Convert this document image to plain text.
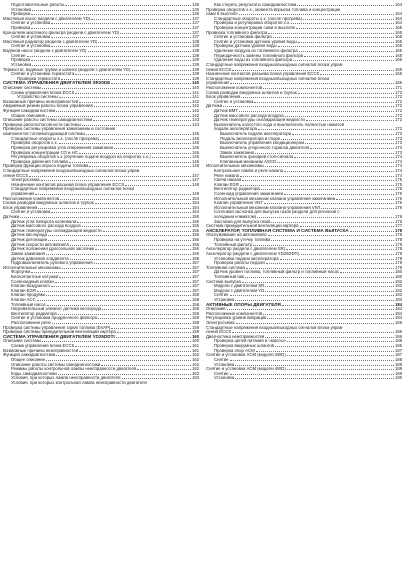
Подготовительные работы	136
Установка	136
Проверка	136
Масляный насос (модели с двигателем YD)	137
Снятие и установка	137
Проверка	137
Кронштейн масляного фильтра (модели с двигателем YD)	137
Снятие и установка	137
Масляный радиатор (модели с двигателем YD)	138
Снятие и установка	138
Водяной насос (модели с двигателем YD)	138
Снятие	138
Проверка	139
Установка	139
Термостат, водяные трубки и шланги (модели с двигателем YD)	139
Снятие и установка термостата	139
Проверка термостата	139
СИСТЕМА УПРАВЛЕНИЯ ДВИГАТЕЛЕМ SR20DE	140
Описание системы	140
Схема управления блока ECCS	141
Устройство системы	141
Возможные причины неисправностей	142
Аварийный режим работы блока управления	142
Функция самодиагностики	142
Общее описание	142
Описание работы системы самодиагностики	143
Проверка работоспособности системы	143
Проверка системы управления зажиганием и состояния
компонентов топливоподающей системы	145
Стандартные обороты х.х. (после прогрева)	145
Проверка оборотов х.х.	145
Проверка регулировка угла опережения зажигания	145
Проверка концентрации СО и НС	146
Регулировка оборотов х.х (обучение подаче воздуха на оборотах х.х.)	146
Проверка давления топлива	146
Проверка функции опроса подачи топлива	146
Стандартные напряжения входных/выходных сигналов блока управ-
ления ECCS	147
Электросхема	147
Назначение контактов разъема блока управления ECCS	148
Стандартные напряжения входных/выходных сигналов блока
управления	149
Расположение компонентов	153
Схема разводки вакуумных шлангов и трубок	154
Блок управления	154
Снятие и установка	154
Датчики	155
Датчик угла поворота коленвала	155
Датчик массового расхода воздуха	155
Датчик температуры охлаждающей жидкости	155
Датчик кислорода	155
Датчик детонации	155
Датчик скорости автомобиля	156
Датчик положения дроссельной заслонки	156
Замок зажигания	156
Датчик давления хладагента	156
Гидровыключатель рулевого управления	157
Исполнительные механизмы	157
Форсунки	157
Бесконтактные катушки	157
Соленоидный клапан	157
Клапан воздушного	157
Клапан EGR	157
Клапан продувки	158
Клапан ACC	158
Топливный насос	158
Нагревательный элемент датчика кислорода	158
Вентилятор радиатора	158
Снятие и установка продувочного фильтра	158
Расположение реле	158
Проверка системы управления тарой топлива (EVAP)	159
Проверка системы принудительной вентиляции картера	159
СИСТЕМА УПРАВЛЕНИЯ ДВИГАТЕЛЕМ YD25DDTI	160
Описание системы	160
Схема управления блока ECCS	161
Возможные причины неисправностей	161
Функция самодиагностики	162
Общее описание	162
Описание работы системы самодиагностики	162
Режимы работы контрольной лампы неисправности двигателя	162
Коды самодиагностики	163
Условия, при которых лампа неисправности двигателя	163
Условия, при которых контрольная лампа неисправности двигателя
Как стереть результаты самодиагностики	164
Проверка оборотов х.х., момента впрыска топлива и концентрации
сажи в выхлопе	164
Стандартные обороты х.х. (после прогрева)	164
Проверка и регулировка оборотов х.х.	164
Проверка концентрации сажи в выхлопе	165
Проверка топливного фильтра	165
Снятие и установка фильтра	165
Снятие и установка датчика уровня воды	165
Проверка датчика уровня воды	165
Удаление воздуха из топливного фильтра	165
Периодичность замены топливного фильтра	165
Удаление воды из топливного фильтра	165
Стандартные напряжения входных/выходных сигналов блока управ-
ления ECCS	165
Назначение контактов разъема блока управления ECCS	166
Стандартные напряжения входных/выходных сигналов блока
управления	166
Расположение компонентов	171
Схема разводки вакуумных шлангов и трубок	172
Блок управления	172
Снятие и установка	172
Датчики	172
Датчик ВМТ	172
Датчик массового расхода воздуха	172
Датчик температуры охлаждающей жидкости	172
Выключатель холостого хода и выключатель полностью нажатой
педали акселератора	172
Выключатель педали акселератора	173
Педаль акселератора и сборе	173
Выключатель управления кондиционером	173
Выключатель упорочного тормоза двигателя	173
Замок зажигания	173
Выключатель фонарей стоп-сигнала	174
Клапанный механизм ASCD	174
Исполнительные механизмы	174
Контрольная лампа и реле накала	174
Реле накала	174
Свечи накала	175
Клапан EGR	175
Вентилятор радиатора	175
Соленоид управления зажиганием	175
Исполнительный механизм клапана управления зажиганием	176
Клапан управления VNT	176
Исполнительный механизм клапана управления VNT	176
Сопловая заслонка для выпуска газов (модели для регионов с
холодным климатом)	176
Заслонка для выпуска газов	176
Система принудительной вентиляции картера	177
АКСЕЛЕРАТОР, ТОПЛИВНАЯ СИСТЕМА И СИСТЕМА ВЫПУСКА	178
Обслуживание на автомобиле	178
Проверка на утечку топлива	178
Топливный фильтр	178
Акселератор (модели с двигателем SR)	178
Акселератор (модели с двигателем YD25DDTi)	178
Установка педали акселератора	178
Проверка работы педали	179
Топливная система	179
Датчик уровня топлива, топливный фильтр и топливный насос	180
Топливный бак	180
Система выпуска	182
Модели с двигателем SR	182
Модели с двигателем YD	182
Снятие	183
Установка	183
АКТИВНЫЕ ОПОРЫ ДВИГАТЕЛЯ	184
Описание	184
Расположение компонентов	184
Регулировка уровня вибрации	184
Электросхема	185
Стандартные напряжения входных/выходных сигналов блока управ-
ления ECCS	186
Диагностика неисправностей	186
Проверка цепей питания и «массы»	186
Проверка вакуумных шлангов	186
Проверка опор ACM	187
Снятие и установка ACM (модели 2WD)	187
Снятие	188
Установка	188
Снятие и установка ACM (модели 4WD)	189
Снятие	189
Установка	190
